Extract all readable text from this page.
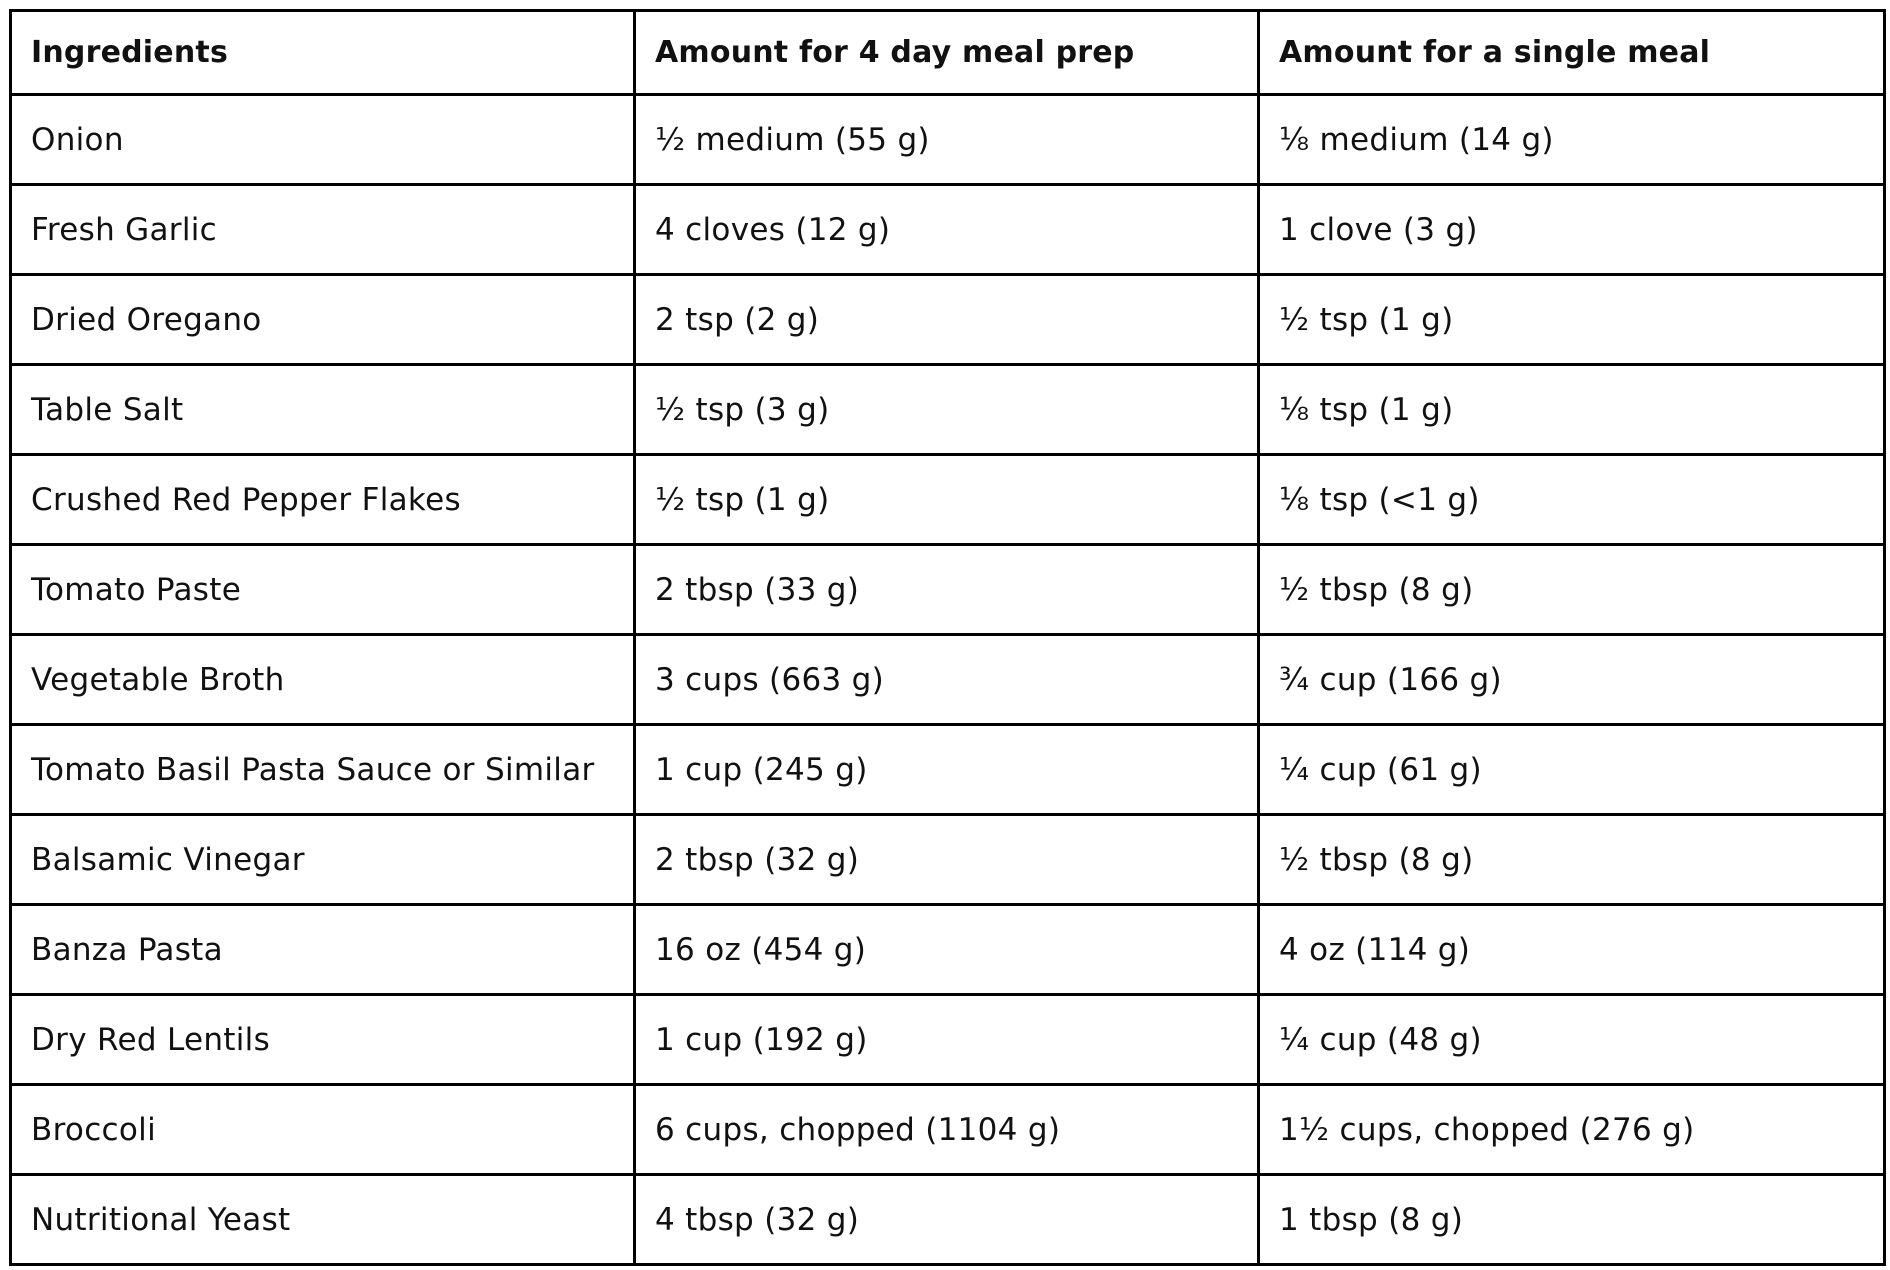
Ingredients	Amount for 4 day meal prep	Amount for a single meal
Onion	½ medium (55 g)	⅛ medium (14 g)
Fresh Garlic	4 cloves (12 g)	1 clove (3 g)
Dried Oregano	2 tsp (2 g)	½ tsp (1 g)
Table Salt	½ tsp (3 g)	⅛ tsp (1 g)
Crushed Red Pepper Flakes	½ tsp (1 g)	⅛ tsp (<1 g)
Tomato Paste	2 tbsp (33 g)	½ tbsp (8 g)
Vegetable Broth	3 cups (663 g)	¾ cup (166 g)
Tomato Basil Pasta Sauce or Similar	1 cup (245 g)	¼ cup (61 g)
Balsamic Vinegar	2 tbsp (32 g)	½ tbsp (8 g)
Banza Pasta	16 oz (454 g)	4 oz (114 g)
Dry Red Lentils	1 cup (192 g)	¼ cup (48 g)
Broccoli	6 cups, chopped (1104 g)	1½ cups, chopped (276 g)
Nutritional Yeast	4 tbsp (32 g)	1 tbsp (8 g)
